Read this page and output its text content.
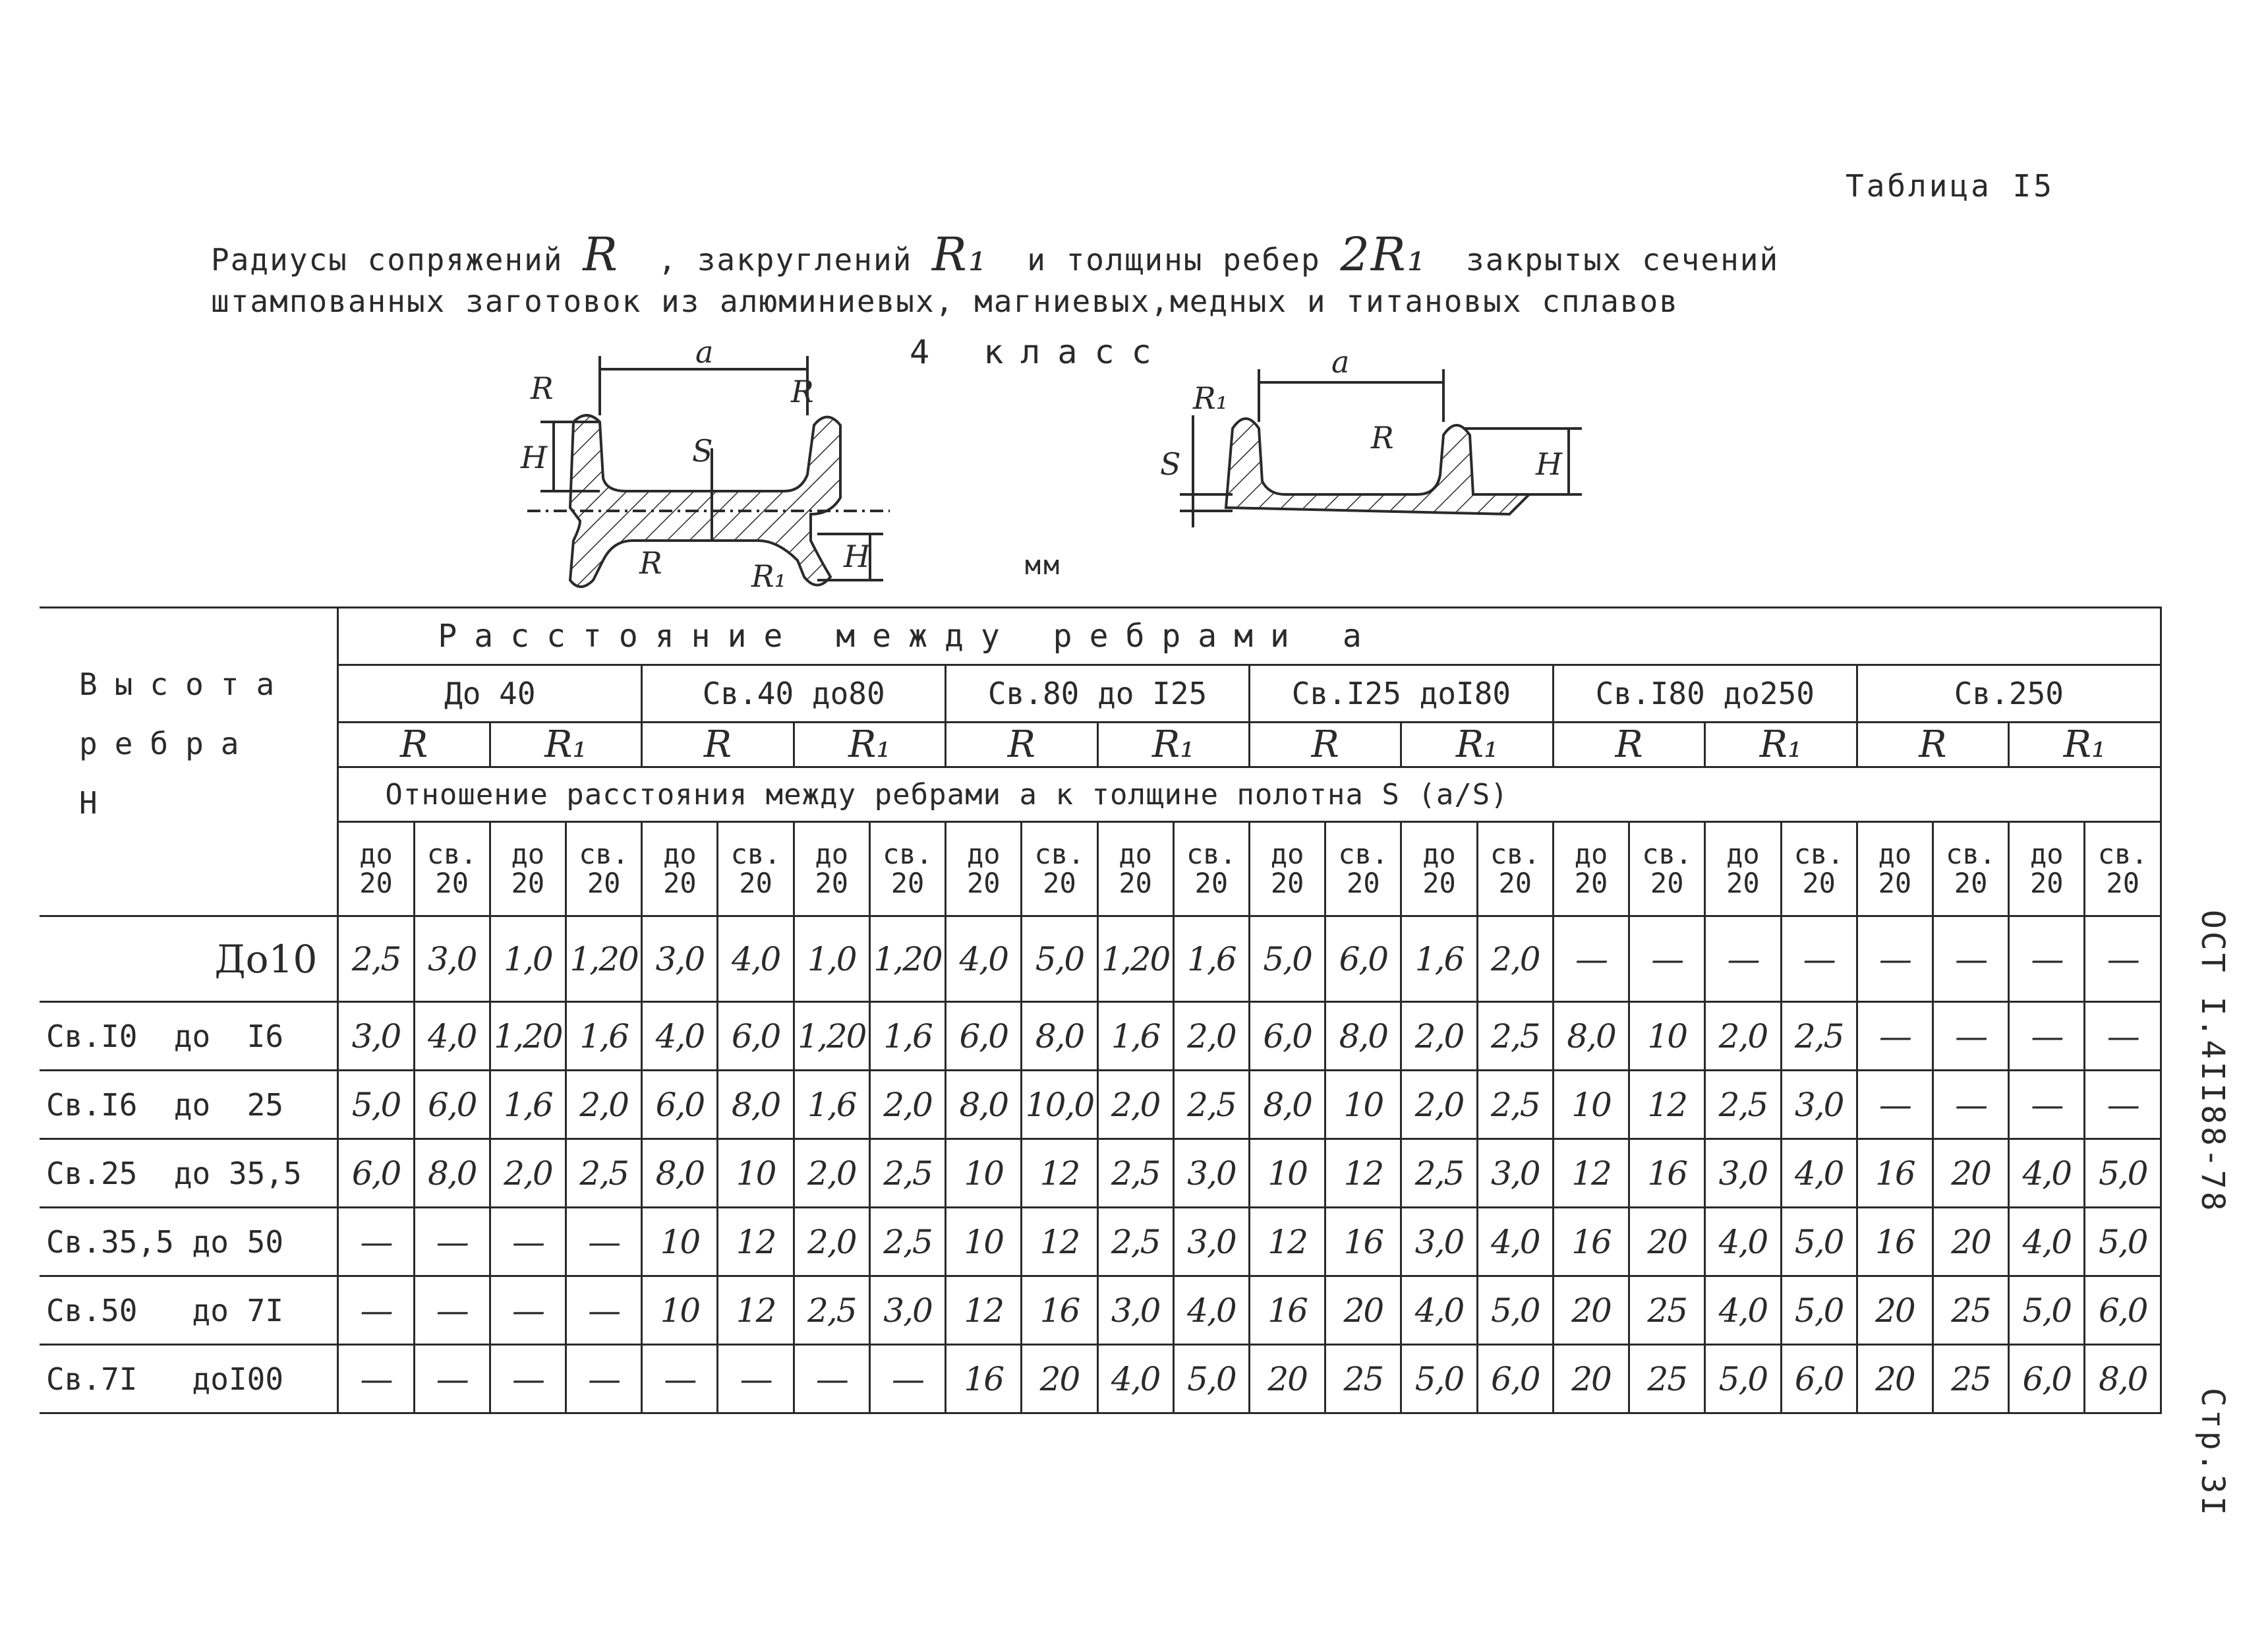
Таблица I5
Радиусы сопряжений R , закруглений R₁ и толщины ребер 2R₁ закрытых сечений
штампованных заготовок из алюминиевых, магниевых,медных и титановых сплавов
4 класс
a
R	R
S
H
H
R	R₁
a
R₁
R
S	H
мм
Высота ребра Н	Расстояние между ребрами a																							
	До 40				Св.40 до80				Св.80 до I25				Св.I25 доI80				Св.I80 до250				Св.250			
	R		R₁		R		R₁		R		R₁		R		R₁		R		R₁		R		R₁	
	Отношение расстояния между ребрами a к толщине полотна S (a/S)																							
	до 20	св. 20	до 20	св. 20	до 20	св. 20	до 20	св. 20	до 20	св. 20	до 20	св. 20	до 20	св. 20	до 20	св. 20	до 20	св. 20	до 20	св. 20	до 20	св. 20	до 20	св. 20
До10	2,5	3,0	1,0	1,20	3,0	4,0	1,0	1,20	4,0	5,0	1,20	1,6	5,0	6,0	1,6	2,0	—	—	—	—	—	—	—	—
Св.I0  до  I6	3,0	4,0	1,20	1,6	4,0	6,0	1,20	1,6	6,0	8,0	1,6	2,0	6,0	8,0	2,0	2,5	8,0	10	2,0	2,5	—	—	—	—
Св.I6  до  25	5,0	6,0	1,6	2,0	6,0	8,0	1,6	2,0	8,0	10,0	2,0	2,5	8,0	10	2,0	2,5	10	12	2,5	3,0	—	—	—	—
Св.25  до 35,5	6,0	8,0	2,0	2,5	8,0	10	2,0	2,5	10	12	2,5	3,0	10	12	2,5	3,0	12	16	3,0	4,0	16	20	4,0	5,0
Св.35,5 до 50	—	—	—	—	10	12	2,0	2,5	10	12	2,5	3,0	12	16	3,0	4,0	16	20	4,0	5,0	16	20	4,0	5,0
Св.50   до 7I	—	—	—	—	10	12	2,5	3,0	12	16	3,0	4,0	16	20	4,0	5,0	20	25	4,0	5,0	20	25	5,0	6,0
Св.7I   доI00	—	—	—	—	—	—	—	—	16	20	4,0	5,0	20	25	5,0	6,0	20	25	5,0	6,0	20	25	6,0	8,0
ОСТ I.4II88-78
Стр.3I
